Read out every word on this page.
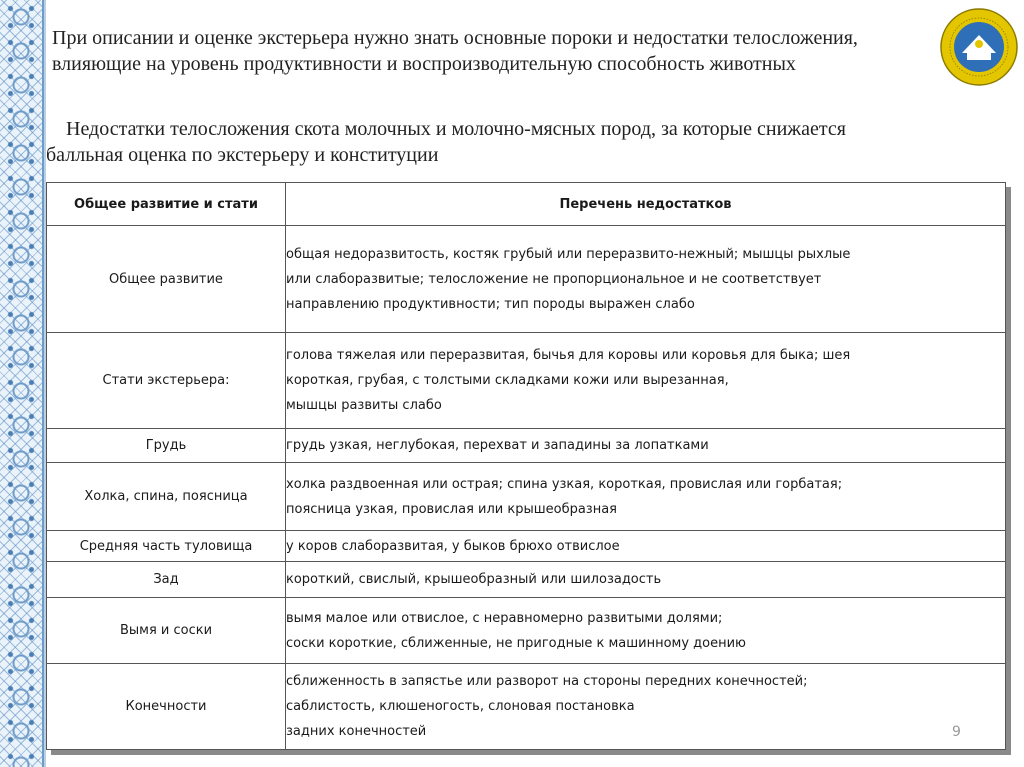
При описании и оценке экстерьера нужно знать основные пороки и недостатки телосложения, влияющие на уровень продуктивности и воспроизводительную способность животных
Недостатки телосложения скота молочных и молочно-мясных пород, за которые снижается
балльная оценка по экстерьеру и конституции
Общее развитие и стати	Перечень недостатков
Общее развитие	общая недоразвитость, костяк грубый или переразвито-нежный; мышцы рыхлые
или слаборазвитые; телосложение не пропорциональное и не соответствует
направлению продуктивности; тип породы выражен слабо

Стати экстерьера:	голова тяжелая или переразвитая, бычья для коровы или коровья для быка; шея
короткая, грубая, с толстыми складками кожи или вырезанная,
мышцы развиты слабо

Грудь	грудь узкая, неглубокая, перехват и западины за лопатками

Холка, спина, поясница	холка раздвоенная или острая; спина узкая, короткая, провислая или горбатая;
поясница узкая, провислая или крышеобразная

Средняя часть туловища	у коров слаборазвитая, у быков брюхо отвислое

Зад	короткий, свислый, крышеобразный или шилозадость

Вымя и соски	вымя малое или отвислое, с неравномерно развитыми долями;
соски короткие, сближенные, не пригодные к машинному доению

Конечности	сближенность в запястье или разворот на стороны передних конечностей;
саблистость, клюшеногость, слоновая постановка
задних конечностей	9
